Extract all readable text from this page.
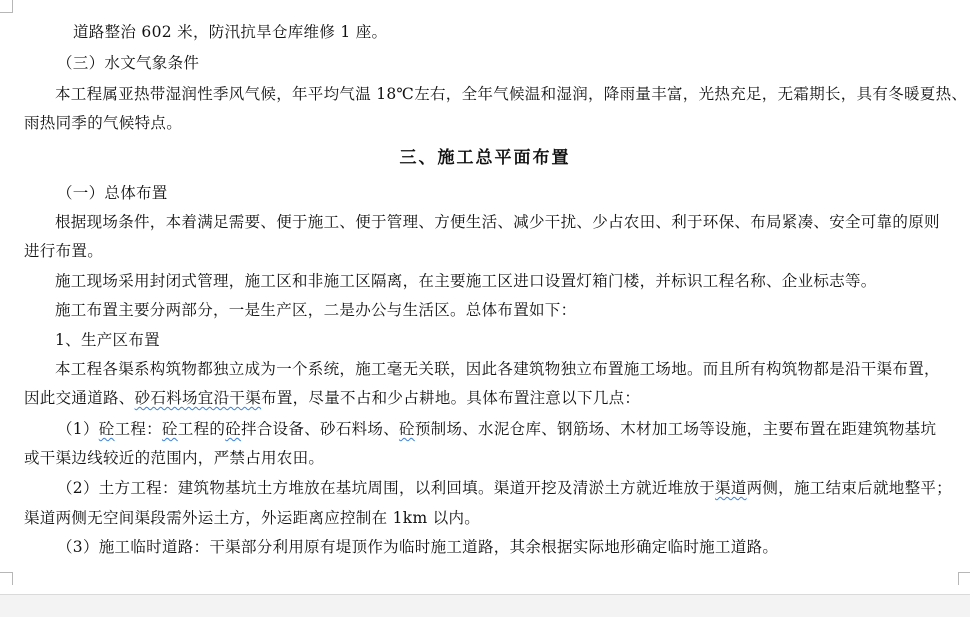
道路整治 602 米，防汛抗旱仓库维修 1 座。
（三）水文气象条件
本工程属亚热带湿润性季风气候，年平均气温 18℃左右，全年气候温和湿润，降雨量丰富，光热充足，无霜期长，具有冬暖夏热、
雨热同季的气候特点。
三、施工总平面布置
（一）总体布置
根据现场条件，本着满足需要、便于施工、便于管理、方便生活、减少干扰、少占农田、利于环保、布局紧凑、安全可靠的原则
进行布置。
施工现场采用封闭式管理，施工区和非施工区隔离，在主要施工区进口设置灯箱门楼，并标识工程名称、企业标志等。
施工布置主要分两部分，一是生产区，二是办公与生活区。总体布置如下：
1、生产区布置
本工程各渠系构筑物都独立成为一个系统，施工毫无关联，因此各建筑物独立布置施工场地。而且所有构筑物都是沿干渠布置，
因此交通道路、砂石料场宜沿干渠布置，尽量不占和少占耕地。具体布置注意以下几点：
（1）砼工程：砼工程的砼拌合设备、砂石料场、砼预制场、水泥仓库、钢筋场、木材加工场等设施，主要布置在距建筑物基坑
或干渠边线较近的范围内，严禁占用农田。
（2）土方工程：建筑物基坑土方堆放在基坑周围，以利回填。渠道开挖及清淤土方就近堆放于渠道两侧，施工结束后就地整平；
渠道两侧无空间渠段需外运土方，外运距离应控制在 1km 以内。
（3）施工临时道路：干渠部分利用原有堤顶作为临时施工道路，其余根据实际地形确定临时施工道路。
